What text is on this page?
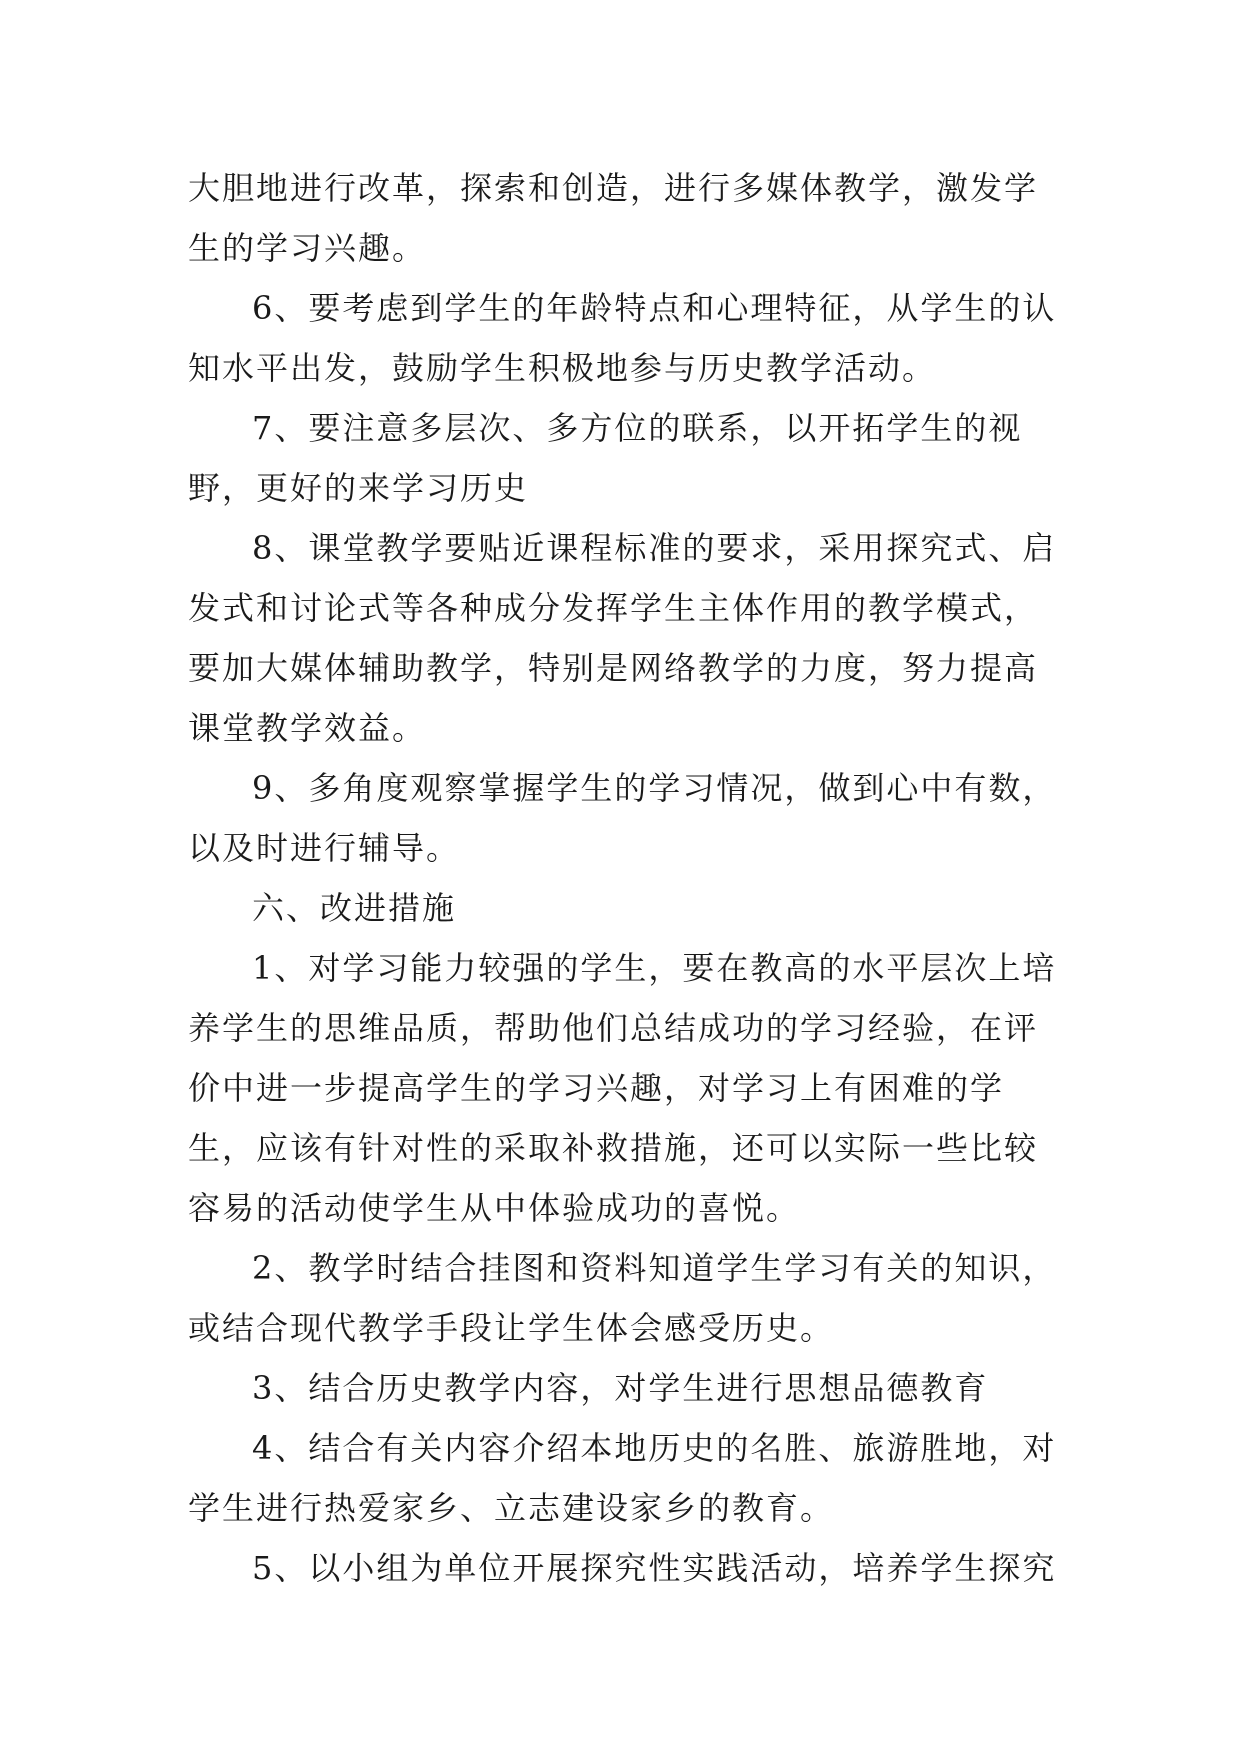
大胆地进行改革，探索和创造，进行多媒体教学，激发学生的学习兴趣。

6、要考虑到学生的年龄特点和心理特征，从学生的认知水平出发，鼓励学生积极地参与历史教学活动。

7、要注意多层次、多方位的联系，以开拓学生的视野，更好的来学习历史

8、课堂教学要贴近课程标准的要求，采用探究式、启发式和讨论式等各种成分发挥学生主体作用的教学模式，要加大媒体辅助教学，特别是网络教学的力度，努力提高课堂教学效益。

9、多角度观察掌握学生的学习情况，做到心中有数，以及时进行辅导。

六、改进措施

1、对学习能力较强的学生，要在教高的水平层次上培养学生的思维品质，帮助他们总结成功的学习经验，在评价中进一步提高学生的学习兴趣，对学习上有困难的学生，应该有针对性的采取补救措施，还可以实际一些比较容易的活动使学生从中体验成功的喜悦。

2、教学时结合挂图和资料知道学生学习有关的知识，或结合现代教学手段让学生体会感受历史。

3、结合历史教学内容，对学生进行思想品德教育

4、结合有关内容介绍本地历史的名胜、旅游胜地，对学生进行热爱家乡、立志建设家乡的教育。

5、以小组为单位开展探究性实践活动，培养学生探究
